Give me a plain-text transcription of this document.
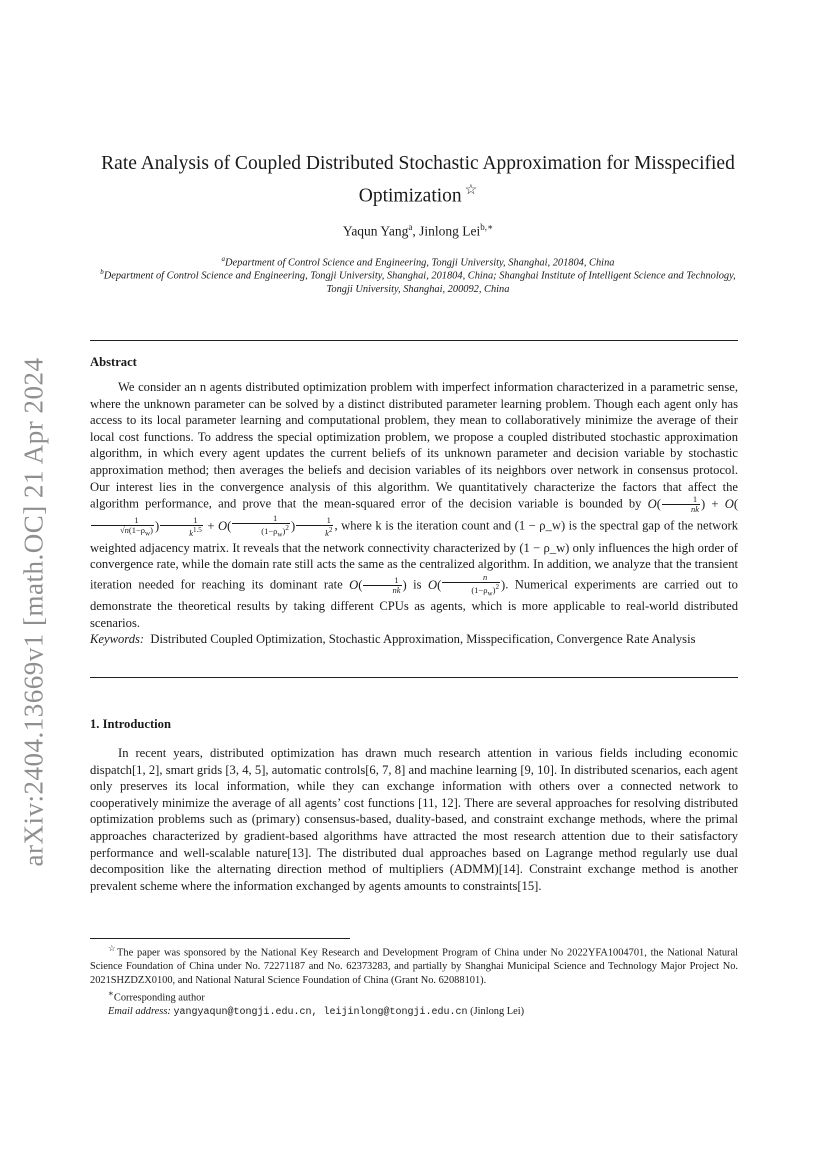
arXiv:2404.13669v1 [math.OC] 21 Apr 2024
Rate Analysis of Coupled Distributed Stochastic Approximation for Misspecified Optimization ☆
Yaqun Yang$^a$, Jinlong Lei$^{b,∗}$
$^a$Department of Control Science and Engineering, Tongji University, Shanghai, 201804, China
$^b$Department of Control Science and Engineering, Tongji University, Shanghai, 201804, China; Shanghai Institute of Intelligent Science and Technology, Tongji University, Shanghai, 200092, China
Abstract

We consider an n agents distributed optimization problem with imperfect information characterized in a parametric sense, where the unknown parameter can be solved by a distinct distributed parameter learning problem. Though each agent only has access to its local parameter learning and computational problem, they mean to collaboratively minimize the average of their local cost functions. To address the special optimization problem, we propose a coupled distributed stochastic approximation algorithm, in which every agent updates the current beliefs of its unknown parameter and decision variable by stochastic approximation method; then averages the beliefs and decision variables of its neighbors over network in consensus protocol. Our interest lies in the convergence analysis of this algorithm. We quantitatively characterize the factors that affect the algorithm performance, and prove that the mean-squared error of the decision variable is bounded by $O( \frac{1}{nk}$ ) + O(
$\frac{1}{√n(1-\rho_w)}$ ) $\frac{1}{k^{1.5}} + O( \frac{1}{(1-\rho_w)^2}$ ) $\frac{1}{k^2}$ , where k is the iteration count and (1 − ρ_w) is the spectral gap of the network weighted adjacency matrix. It reveals that the network connectivity characterized by (1 − ρ_w) only influences the high order of convergence rate, while the domain rate still acts the same as the centralized algorithm. In addition, we analyze that the transient iteration needed for reaching its dominant rate $O( \frac{1}{nk}$ ) is $O( \frac{n}{(1-\rho_w)^2}$ ). Numerical experiments are carried out to demonstrate the theoretical results by taking different CPUs as agents, which is more applicable to real-world distributed scenarios.

Keywords: Distributed Coupled Optimization, Stochastic Approximation, Misspecification, Convergence Rate Analysis
1. Introduction

In recent years, distributed optimization has drawn much research attention in various fields including economic dispatch[1, 2], smart grids [3, 4, 5], automatic controls[6, 7, 8] and machine learning [9, 10]. In distributed scenarios, each agent only preserves its local information, while they can exchange information with others over a connected network to cooperatively minimize the average of all agents’ cost functions [11, 12]. There are several approaches for resolving distributed optimization problems such as (primary) consensus-based, duality-based, and constraint exchange methods, where the primal approaches characterized by gradient-based algorithms have attracted the most research attention due to their satisfactory performance and well-scalable nature[13]. The distributed dual approaches based on Lagrange method regularly use dual decomposition like the alternating direction method of multipliers (ADMM)[14]. Constraint exchange method is another prevalent scheme where the information exchanged by agents amounts to constraints[15].

☆The paper was sponsored by the National Key Research and Development Program of China under No 2022YFA1004701, the National Natural Science Foundation of China under No. 72271187 and No. 62373283, and partially by Shanghai Municipal Science and Technology Major Project No. 2021SHZDZX0100, and National Natural Science Foundation of China (Grant No. 62088101).

∗Corresponding author

Email address: yangyaqun@tongji.edu.cn, leijinlong@tongji.edu.cn (Jinlong Lei)
